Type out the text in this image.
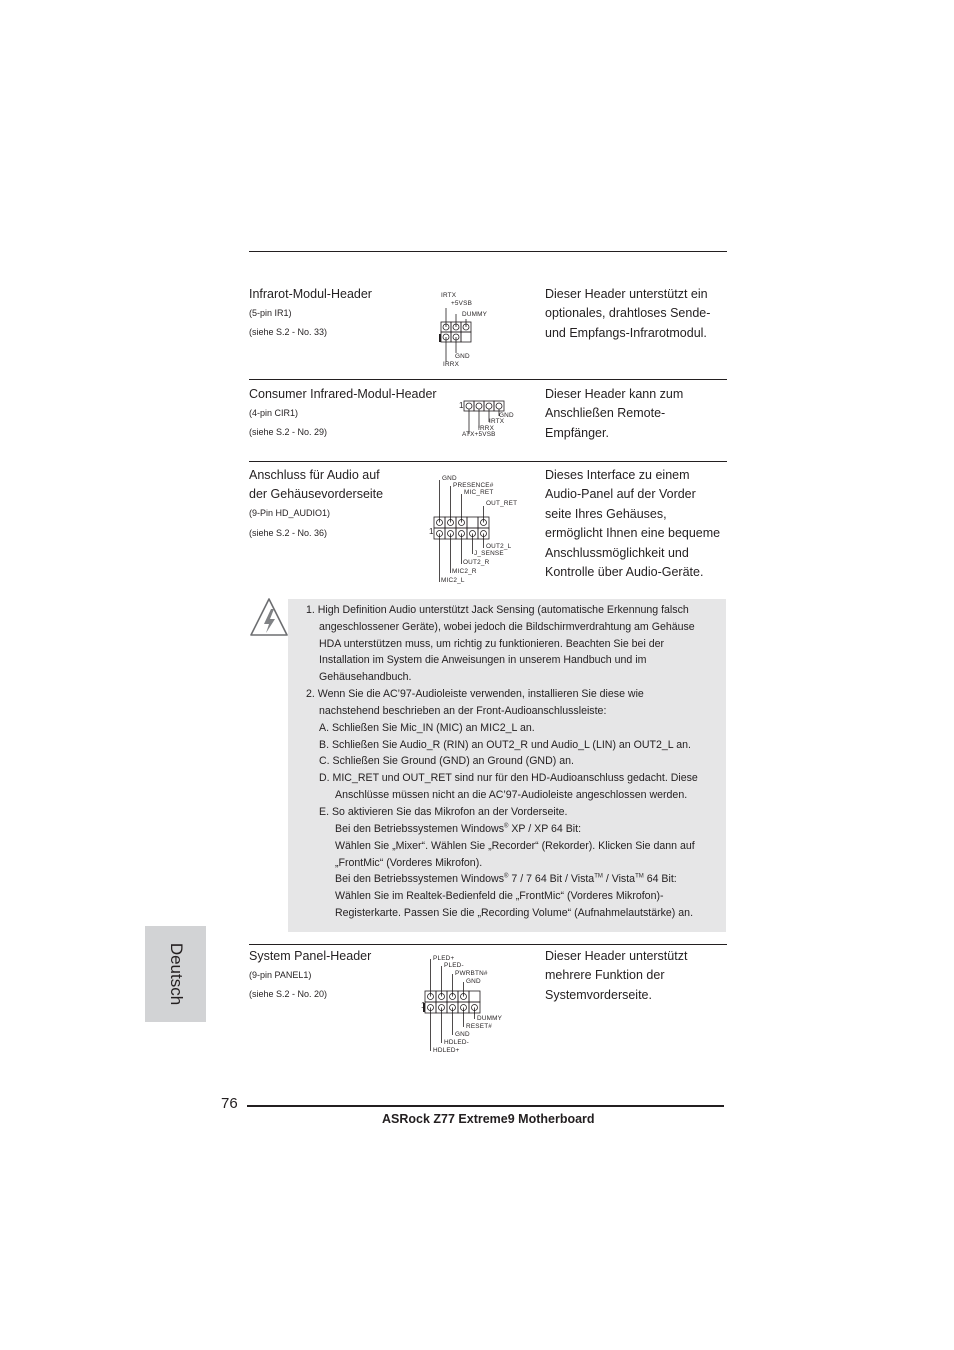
Infrarot-Modul-Header
(5-pin IR1)
(siehe S.2 - No. 33)
Dieser Header unterstützt ein
optionales, drahtloses Sende-
und Empfangs-Infrarotmodul.
IRTX
+5VSB
DUMMY
GND
IRRX
Consumer Infrared-Modul-Header
(4-pin CIR1)
(siehe S.2 - No. 29)
Dieser Header kann zum
Anschließen Remote-
Empfänger.
1
GND
IRTX
IRRX
ATX+5VSB
Anschluss für Audio auf
der Gehäusevorderseite
(9-Pin HD_AUDIO1)
(siehe S.2 - No. 36)
Dieses Interface zu einem
Audio-Panel auf der Vorder
seite Ihres Gehäuses,
ermöglicht Ihnen eine bequeme
Anschlussmöglichkeit und
Kontrolle über Audio-Geräte.
1
GND
PRESENCE#
MIC_RET
OUT_RET
OUT2_L
J_SENSE
OUT2_R
MIC2_R
MIC2_L
1. High Definition Audio unterstützt Jack Sensing (automatische Erkennung falsch
angeschlossener Geräte), wobei jedoch die Bildschirmverdrahtung am Gehäuse
HDA unterstützen muss, um richtig zu funktionieren. Beachten Sie bei der
Installation im System die Anweisungen in unserem Handbuch und im
Gehäusehandbuch.
2. Wenn Sie die AC’97-Audioleiste verwenden, installieren Sie diese wie
nachstehend beschrieben an der Front-Audioanschlussleiste:
A. Schließen Sie Mic_IN (MIC) an MIC2_L an.
B. Schließen Sie Audio_R (RIN) an OUT2_R und Audio_L (LIN) an OUT2_L an.
C. Schließen Sie Ground (GND) an Ground (GND) an.
D. MIC_RET und OUT_RET sind nur für den HD-Audioanschluss gedacht. Diese
Anschlüsse müssen nicht an die AC’97-Audioleiste angeschlossen werden.
E. So aktivieren Sie das Mikrofon an der Vorderseite.
Bei den Betriebssystemen Windows® XP / XP 64 Bit:
Wählen Sie „Mixer“. Wählen Sie „Recorder“ (Rekorder). Klicken Sie dann auf
„FrontMic“ (Vorderes Mikrofon).
Bei den Betriebssystemen Windows® 7 / 7 64 Bit / Vista™ / Vista™ 64 Bit:
Wählen Sie im Realtek-Bedienfeld die „FrontMic“ (Vorderes Mikrofon)-
Registerkarte. Passen Sie die „Recording Volume“ (Aufnahmelautstärke) an.
System Panel-Header
(9-pin PANEL1)
(siehe S.2 - No. 20)
Dieser Header unterstützt
mehrere Funktion der
Systemvorderseite.
1
PLED+
PLED-
PWRBTN#
GND
DUMMY
RESET#
GND
HDLED-
HDLED+
Deutsch
76
ASRock Z77 Extreme9 Motherboard
